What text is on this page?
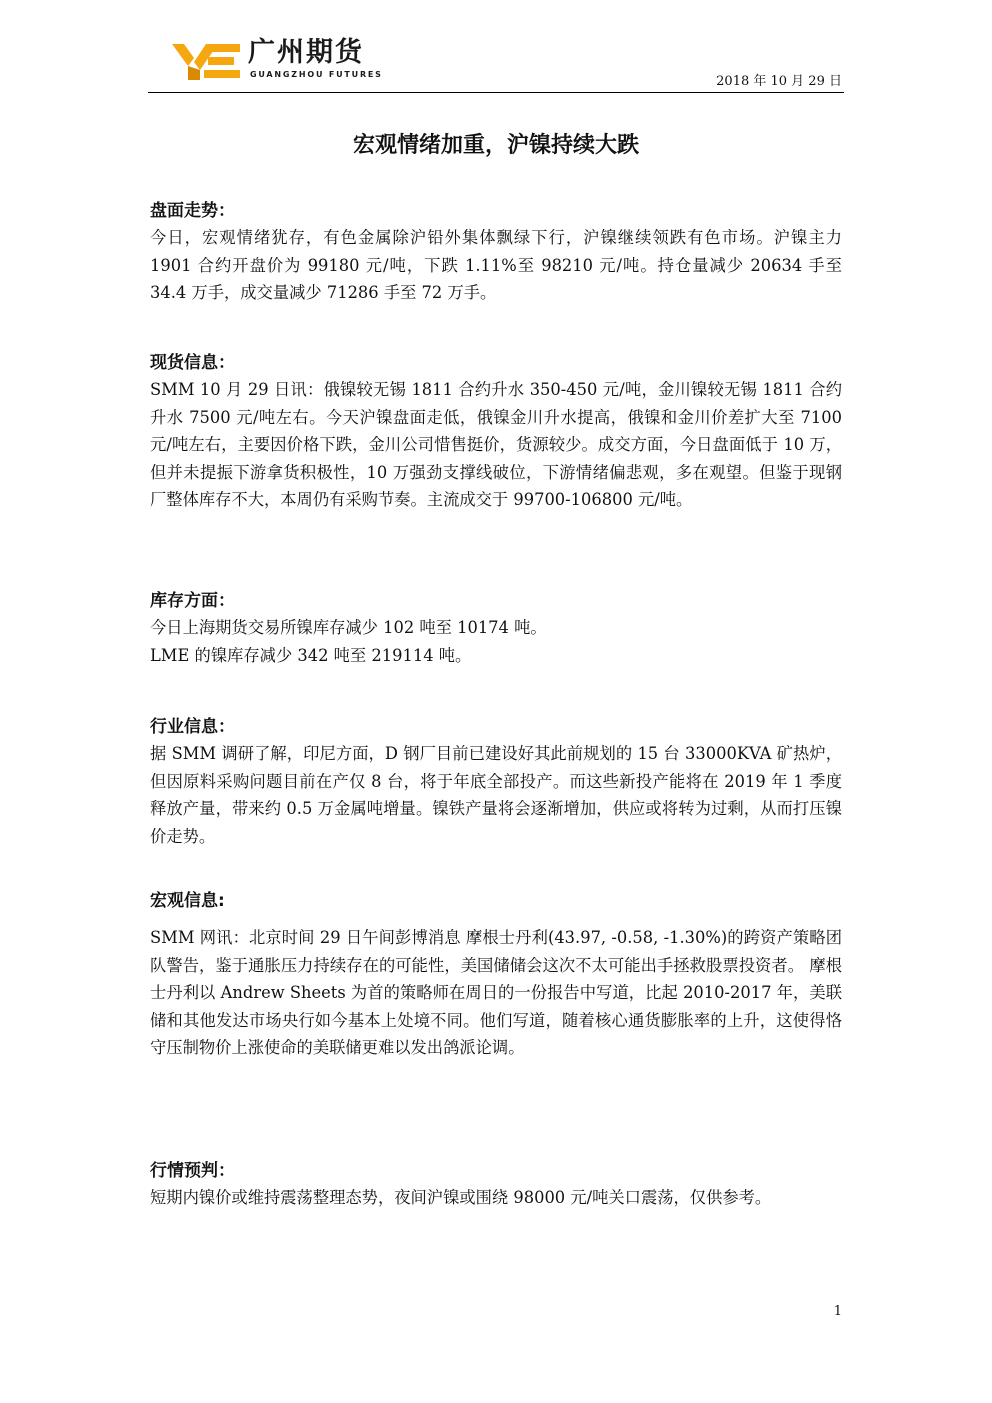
广州期货
GUANGZHOU FUTURES	2018 年 10 月 29 日
宏观情绪加重，沪镍持续大跌
盘面走势：

今日，宏观情绪犹存，有色金属除沪铅外集体飘绿下行，沪镍继续领跌有色市场。沪镍主力 1901 合约开盘价为 99180 元/吨，下跌 1.11%至 98210 元/吨。持仓量减少 20634 手至 34.4 万手，成交量减少 71286 手至 72 万手。

现货信息：

SMM 10 月 29 日讯：俄镍较无锡 1811 合约升水 350-450 元/吨，金川镍较无锡 1811 合约升水 7500 元/吨左右。今天沪镍盘面走低，俄镍金川升水提高，俄镍和金川价差扩大至 7100 元/吨左右，主要因价格下跌，金川公司惜售挺价，货源较少。成交方面，今日盘面低于 10 万，但并未提振下游拿货积极性，10 万强劲支撑线破位，下游情绪偏悲观，多在观望。但鉴于现钢厂整体库存不大，本周仍有采购节奏。主流成交于 99700-106800 元/吨。

库存方面：

今日上海期货交易所镍库存减少 102 吨至 10174 吨。

LME 的镍库存减少 342 吨至 219114 吨。

行业信息：

据 SMM 调研了解，印尼方面，D 钢厂目前已建设好其此前规划的 15 台 33000KVA 矿热炉，但因原料采购问题目前在产仅 8 台，将于年底全部投产。而这些新投产能将在 2019 年 1 季度释放产量，带来约 0.5 万金属吨增量。镍铁产量将会逐渐增加，供应或将转为过剩，从而打压镍价走势。

宏观信息:

SMM 网讯：北京时间 29 日午间彭博消息 摩根士丹利(43.97, -0.58, -1.30%)的跨资产策略团队警告，鉴于通胀压力持续存在的可能性，美国储储会这次不太可能出手拯救股票投资者。 摩根士丹利以 Andrew Sheets 为首的策略师在周日的一份报告中写道，比起 2010-2017 年，美联储和其他发达市场央行如今基本上处境不同。他们写道，随着核心通货膨胀率的上升，这使得恪守压制物价上涨使命的美联储更难以发出鸽派论调。

行情预判：

短期内镍价或维持震荡整理态势，夜间沪镍或围绕 98000 元/吨关口震荡，仅供参考。

1
